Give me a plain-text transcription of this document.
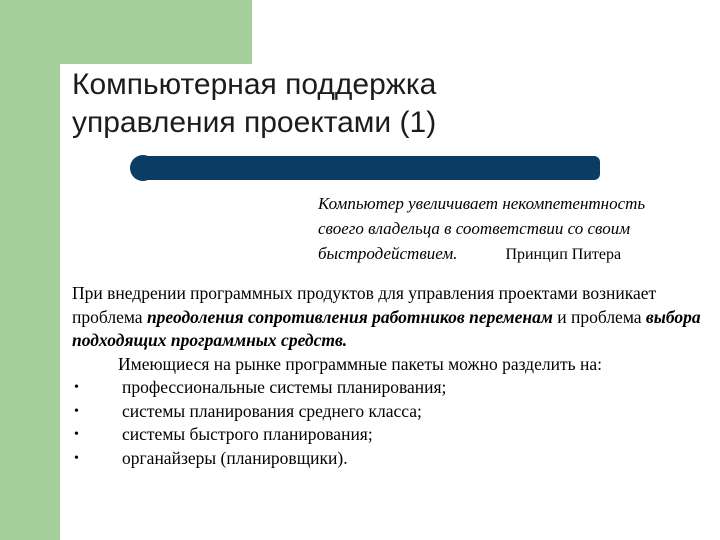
Компьютерная поддержка
управления проектами (1)
Компьютер увеличивает некомпетентность
своего владельца в соответствии со своим
быстродействием.	Принцип Питера
При внедрении программных продуктов для управления проектами возникает проблема преодоления сопротивления работников переменам и проблема выбора подходящих программных средств.
Имеющиеся на рынке программные пакеты можно разделить на:
• профессиональные системы планирования;
• системы планирования среднего класса;
• системы быстрого планирования;
• органайзеры (планировщики).
